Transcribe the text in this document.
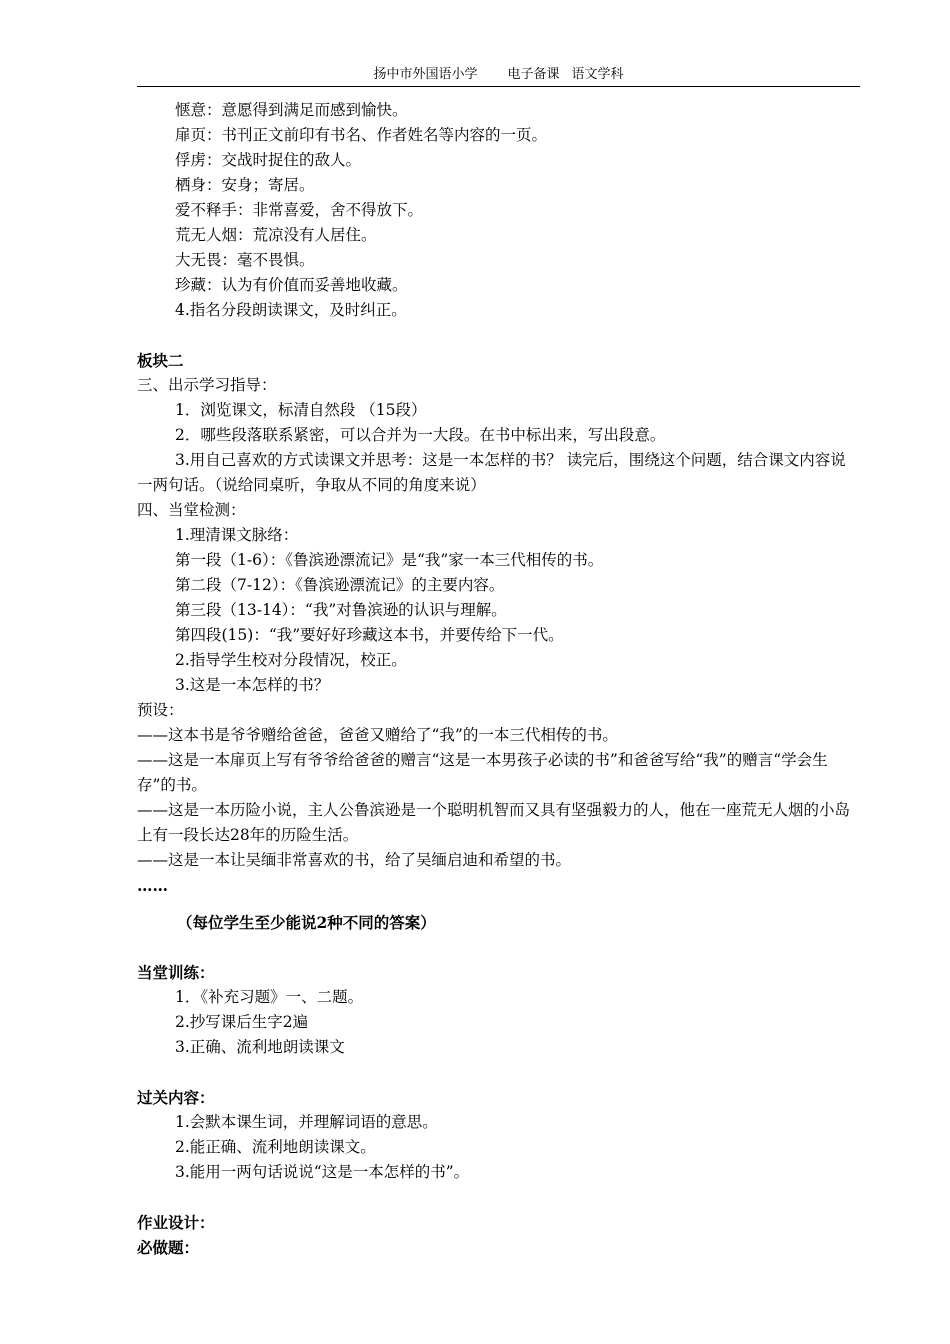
扬中市外国语小学 电子备课 语文学科
惬意：意愿得到满足而感到愉快。
扉页：书刊正文前印有书名、作者姓名等内容的一页。
俘虏：交战时捉住的敌人。
栖身：安身；寄居。
爱不释手：非常喜爱，舍不得放下。
荒无人烟：荒凉没有人居住。
大无畏：毫不畏惧。
珍藏：认为有价值而妥善地收藏。
4.指名分段朗读课文，及时纠正。
板块二
三、出示学习指导：
1．浏览课文，标清自然段 （15段）
2．哪些段落联系紧密，可以合并为一大段。在书中标出来，写出段意。
3.用自己喜欢的方式读课文并思考：这是一本怎样的书？ 读完后，围绕这个问题，结合课文内容说一两句话。（说给同桌听，争取从不同的角度来说）
四、当堂检测：
1.理清课文脉络：
第一段（1-6）：《鲁滨逊漂流记》是“我”家一本三代相传的书。
第二段（7-12）：《鲁滨逊漂流记》的主要内容。
第三段（13-14）：“我”对鲁滨逊的认识与理解。
第四段(15)：“我”要好好珍藏这本书，并要传给下一代。
2.指导学生校对分段情况，校正。
3.这是一本怎样的书？
预设：
——这本书是爷爷赠给爸爸，爸爸又赠给了“我”的一本三代相传的书。
——这是一本扉页上写有爷爷给爸爸的赠言“这是一本男孩子必读的书”和爸爸写给“我”的赠言“学会生存”的书。
——这是一本历险小说，主人公鲁滨逊是一个聪明机智而又具有坚强毅力的人，他在一座荒无人烟的小岛上有一段长达28年的历险生活。
——这是一本让吴缅非常喜欢的书，给了吴缅启迪和希望的书。
……
（每位学生至少能说2种不同的答案）
当堂训练：
1．《补充习题》一、二题。
2.抄写课后生字2遍
3.正确、流利地朗读课文
过关内容：
1.会默本课生词，并理解词语的意思。
2.能正确、流利地朗读课文。
3.能用一两句话说说“这是一本怎样的书”。
作业设计：
必做题：
